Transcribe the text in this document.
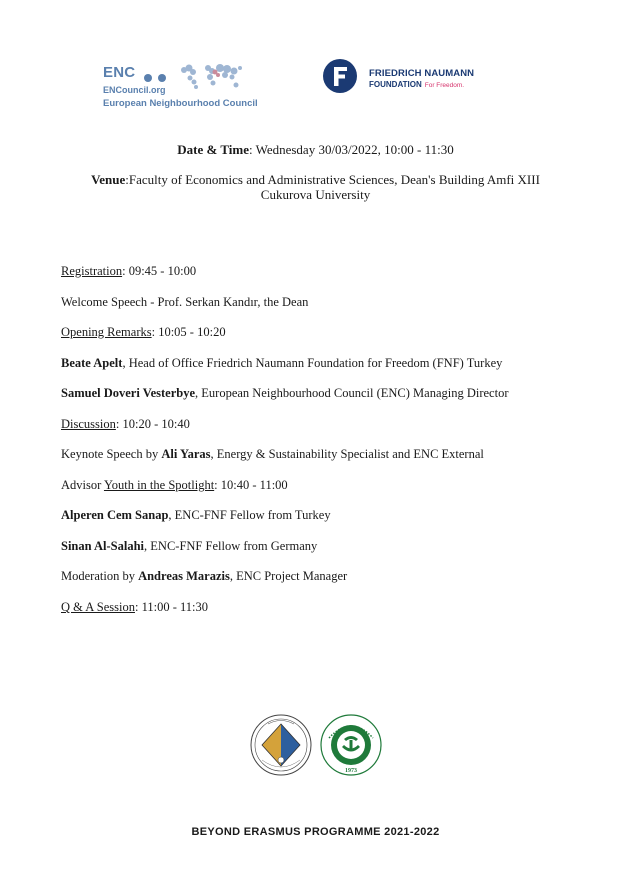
ENC
ENCouncil.org
European Neighbourhood Council
FRIEDRICH NAUMANN
FOUNDATION For Freedom.
Date & Time: Wednesday 30/03/2022, 10:00 - 11:30
Venue:Faculty of Economics and Administrative Sciences, Dean's Building Amfi XIII
Cukurova University
Registration: 09:45 - 10:00
Welcome Speech - Prof. Serkan Kandır, the Dean
Opening Remarks: 10:05 - 10:20
Beate Apelt, Head of Office Friedrich Naumann Foundation for Freedom (FNF) Turkey
Samuel Doveri Vesterbye, European Neighbourhood Council (ENC) Managing Director
Discussion: 10:20 - 10:40
Keynote Speech by Ali Yaras, Energy & Sustainability Specialist and ENC External
Advisor Youth in the Spotlight: 10:40 - 11:00
Alperen Cem Sanap, ENC-FNF Fellow from Turkey
Sinan Al-Salahi, ENC-FNF Fellow from Germany
Moderation by Andreas Marazis, ENC Project Manager
Q & A Session: 11:00 - 11:30
1973
BEYOND ERASMUS PROGRAMME 2021-2022
